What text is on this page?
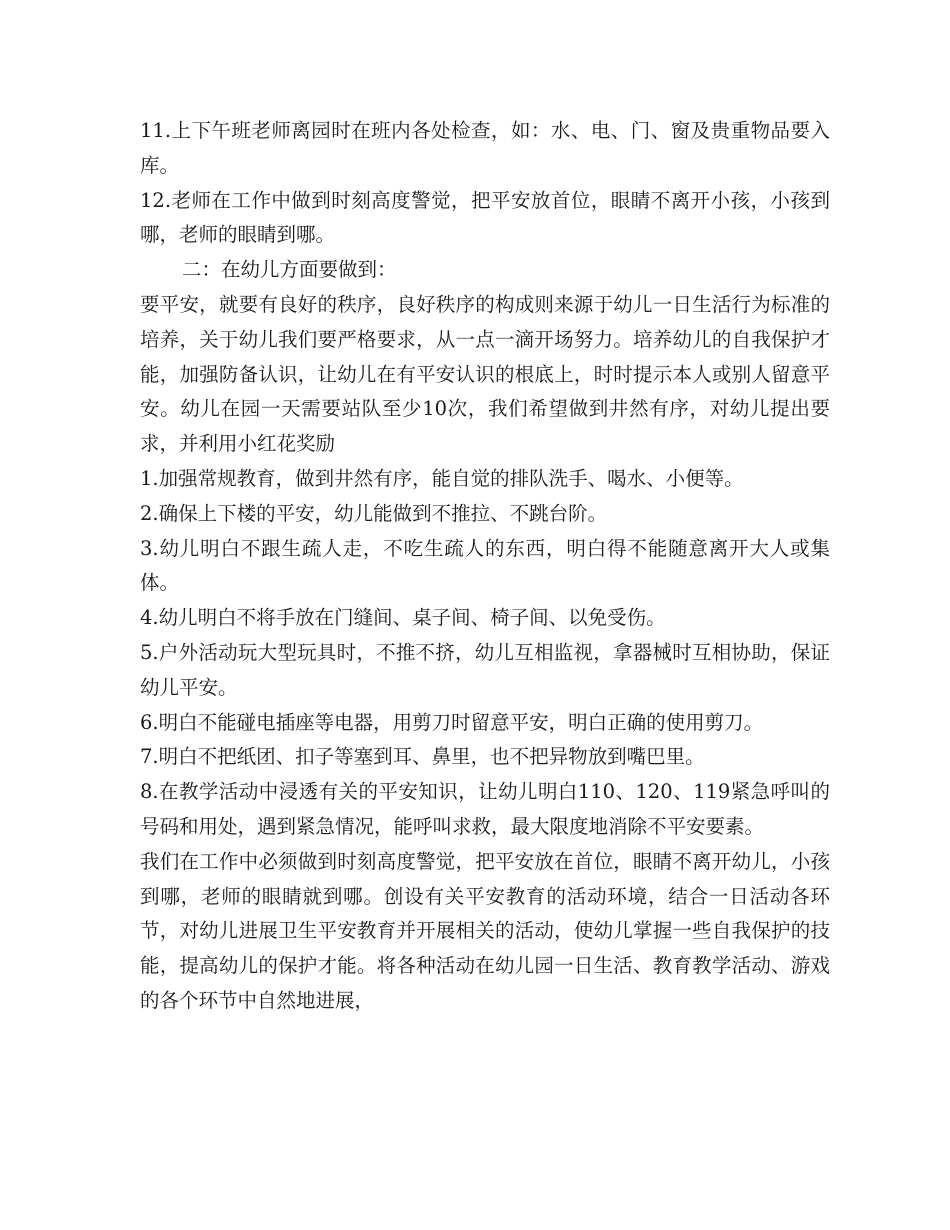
11.上下午班老师离园时在班内各处检查，如：水、电、门、窗及贵重物品要入库。

12.老师在工作中做到时刻高度警觉，把平安放首位，眼睛不离开小孩，小孩到哪，老师的眼睛到哪。

二：在幼儿方面要做到：

要平安，就要有良好的秩序，良好秩序的构成则来源于幼儿一日生活行为标准的培养，关于幼儿我们要严格要求，从一点一滴开场努力。培养幼儿的自我保护才能，加强防备认识，让幼儿在有平安认识的根底上，时时提示本人或别人留意平安。幼儿在园一天需要站队至少10次，我们希望做到井然有序，对幼儿提出要求，并利用小红花奖励

1.加强常规教育，做到井然有序，能自觉的排队洗手、喝水、小便等。

2.确保上下楼的平安，幼儿能做到不推拉、不跳台阶。

3.幼儿明白不跟生疏人走，不吃生疏人的东西，明白得不能随意离开大人或集体。

4.幼儿明白不将手放在门缝间、桌子间、椅子间、以免受伤。

5.户外活动玩大型玩具时，不推不挤，幼儿互相监视，拿器械时互相协助，保证幼儿平安。

6.明白不能碰电插座等电器，用剪刀时留意平安，明白正确的使用剪刀。

7.明白不把纸团、扣子等塞到耳、鼻里，也不把异物放到嘴巴里。

8.在教学活动中浸透有关的平安知识，让幼儿明白110、120、119紧急呼叫的号码和用处，遇到紧急情况，能呼叫求救，最大限度地消除不平安要素。

我们在工作中必须做到时刻高度警觉，把平安放在首位，眼睛不离开幼儿，小孩到哪，老师的眼睛就到哪。创设有关平安教育的活动环境，结合一日活动各环节，对幼儿进展卫生平安教育并开展相关的活动，使幼儿掌握一些自我保护的技能，提高幼儿的保护才能。将各种活动在幼儿园一日生活、教育教学活动、游戏的各个环节中自然地进展，
